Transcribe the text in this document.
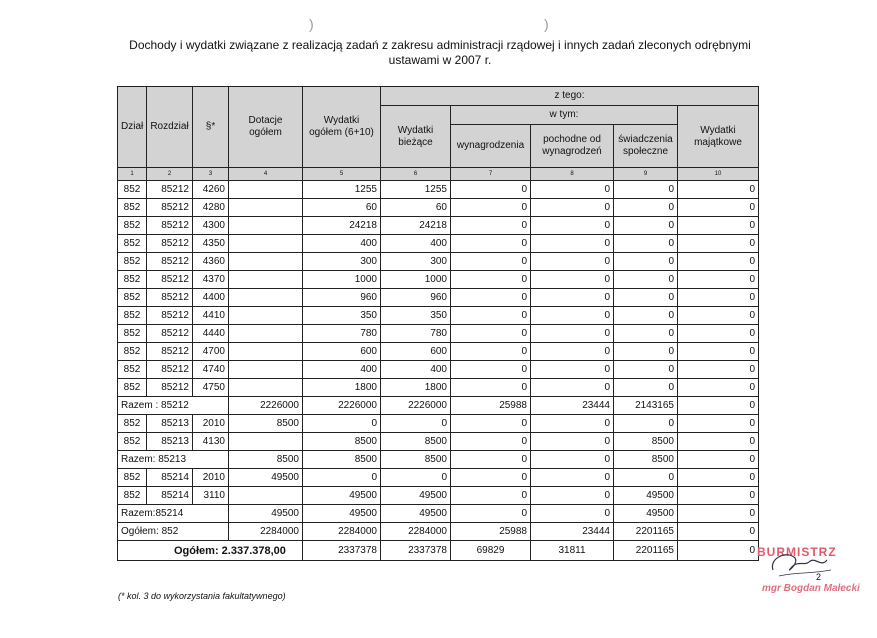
)	)
Dochody i wydatki związane z realizacją zadań z zakresu administracji rządowej i innych zadań zleconych odrębnymi
ustawami w 2007 r.
Dział	Rozdział	§*	Dotacje ogółem	Wydatki ogółem (6+10)	z tego:				
					Wydatki bieżące	w tym:			Wydatki majątkowe
						wynagrodzenia	pochodne od wynagrodzeń	świadczenia społeczne	
1	2	3	4	5	6	7	8	9	10
852	85212	4260		1255	1255	0	0	0	0
852	85212	4280		60	60	0	0	0	0
852	85212	4300		24218	24218	0	0	0	0
852	85212	4350		400	400	0	0	0	0
852	85212	4360		300	300	0	0	0	0
852	85212	4370		1000	1000	0	0	0	0
852	85212	4400		960	960	0	0	0	0
852	85212	4410		350	350	0	0	0	0
852	85212	4440		780	780	0	0	0	0
852	85212	4700		600	600	0	0	0	0
852	85212	4740		400	400	0	0	0	0
852	85212	4750		1800	1800	0	0	0	0
Razem : 85212			2226000	2226000	2226000	25988	23444	2143165	0
852	85213	2010	8500	0	0	0	0	0	0
852	85213	4130		8500	8500	0	0	8500	0
Razem: 85213			8500	8500	8500	0	0	8500	0
852	85214	2010	49500	0	0	0	0	0	0
852	85214	3110		49500	49500	0	0	49500	0
Razem:85214			49500	49500	49500	0	0	49500	0
Ogółem: 852			2284000	2284000	2284000	25988	23444	2201165	0
Ogółem: 2.337.378,00				2337378	2337378	69829	31811	2201165	0
(* kol. 3 do wykorzystania fakultatywnego)
BURMISTRZ
2
mgr Bogdan Małecki
